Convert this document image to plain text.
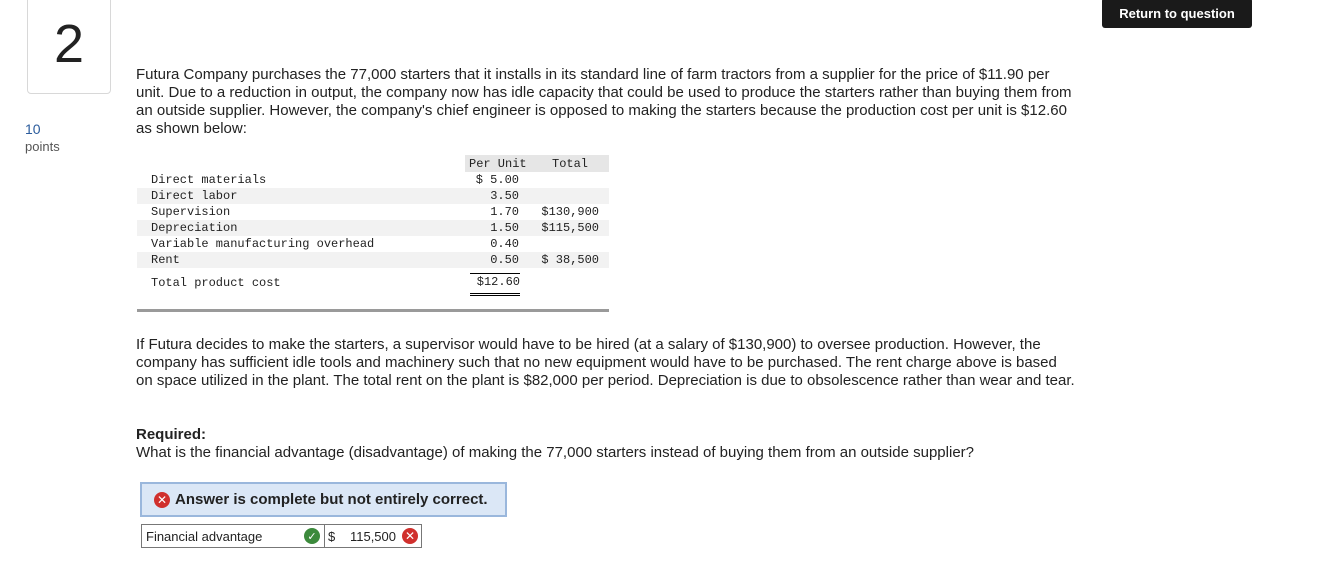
2
10
points
Return to question
Futura Company purchases the 77,000 starters that it installs in its standard line of farm tractors from a supplier for the price of $11.90 per unit. Due to a reduction in output, the company now has idle capacity that could be used to produce the starters rather than buying them from an outside supplier. However, the company's chief engineer is opposed to making the starters because the production cost per unit is $12.60 as shown below:
Per Unit Total
Direct materials	$ 5.00
Direct labor	3.50
Supervision	1.70 $130,900
Depreciation	1.50 $115,500
Variable manufacturing overhead	0.40
Rent	0.50 $ 38,500
Total product cost	$12.60
If Futura decides to make the starters, a supervisor would have to be hired (at a salary of $130,900) to oversee production. However, the company has sufficient idle tools and machinery such that no new equipment would have to be purchased. The rent charge above is based on space utilized in the plant. The total rent on the plant is $82,000 per period. Depreciation is due to obsolescence rather than wear and tear.
Required:
What is the financial advantage (disadvantage) of making the 77,000 starters instead of buying them from an outside supplier?
✕ Answer is complete but not entirely correct.
Financial advantage	✓ $	115,500 ✕
